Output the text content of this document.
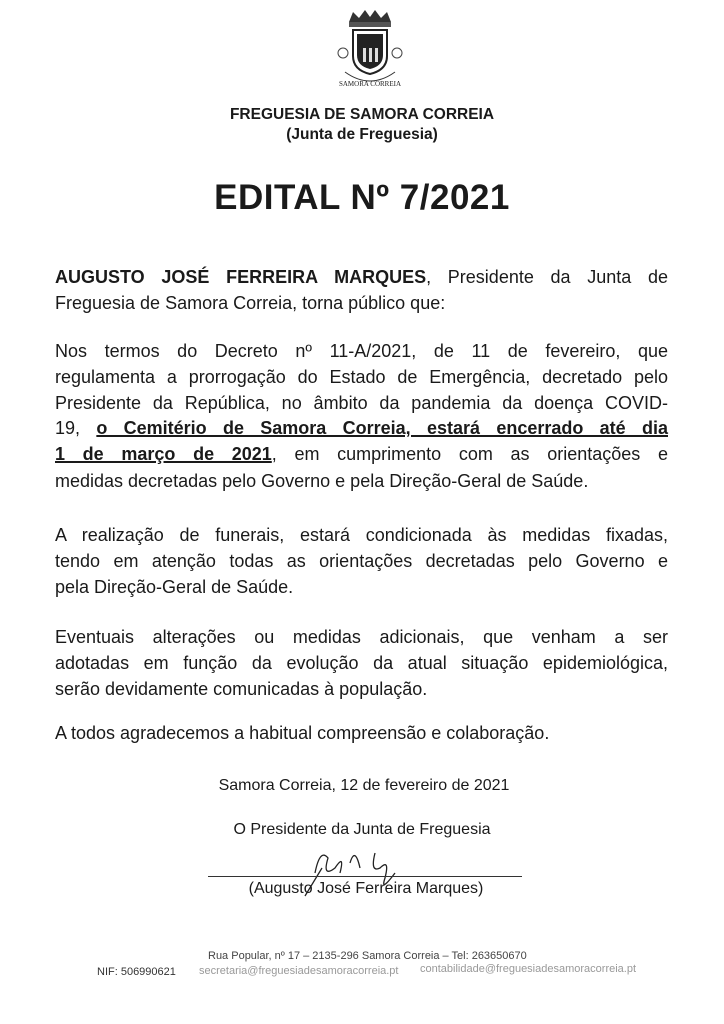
SAMORA CORREIA
FREGUESIA DE SAMORA CORREIA
(Junta de Freguesia)
EDITAL Nº 7/2021
AUGUSTO JOSÉ FERREIRA MARQUES, Presidente da Junta de
Freguesia de Samora Correia, torna público que:
Nos termos do Decreto nº 11-A/2021, de 11 de fevereiro, que
regulamenta a prorrogação do Estado de Emergência, decretado pelo
Presidente da República, no âmbito da pandemia da doença COVID-
19, o Cemitério de Samora Correia, estará encerrado até dia
1 de março de 2021, em cumprimento com as orientações e
medidas decretadas pelo Governo e pela Direção-Geral de Saúde.
A realização de funerais, estará condicionada às medidas fixadas,
tendo em atenção todas as orientações decretadas pelo Governo e
pela Direção-Geral de Saúde.
Eventuais alterações ou medidas adicionais, que venham a ser
adotadas em função da evolução da atual situação epidemiológica,
serão devidamente comunicadas à população.
A todos agradecemos a habitual compreensão e colaboração.
Samora Correia, 12 de fevereiro de 2021
O Presidente da Junta de Freguesia
(Augusto José Ferreira Marques)
Rua Popular, nº 17 – 2135-296 Samora Correia – Tel: 263650670
NIF: 506990621 secretaria@freguesiadesamoracorreia.pt contabilidade@freguesiadesamoracorreia.pt
